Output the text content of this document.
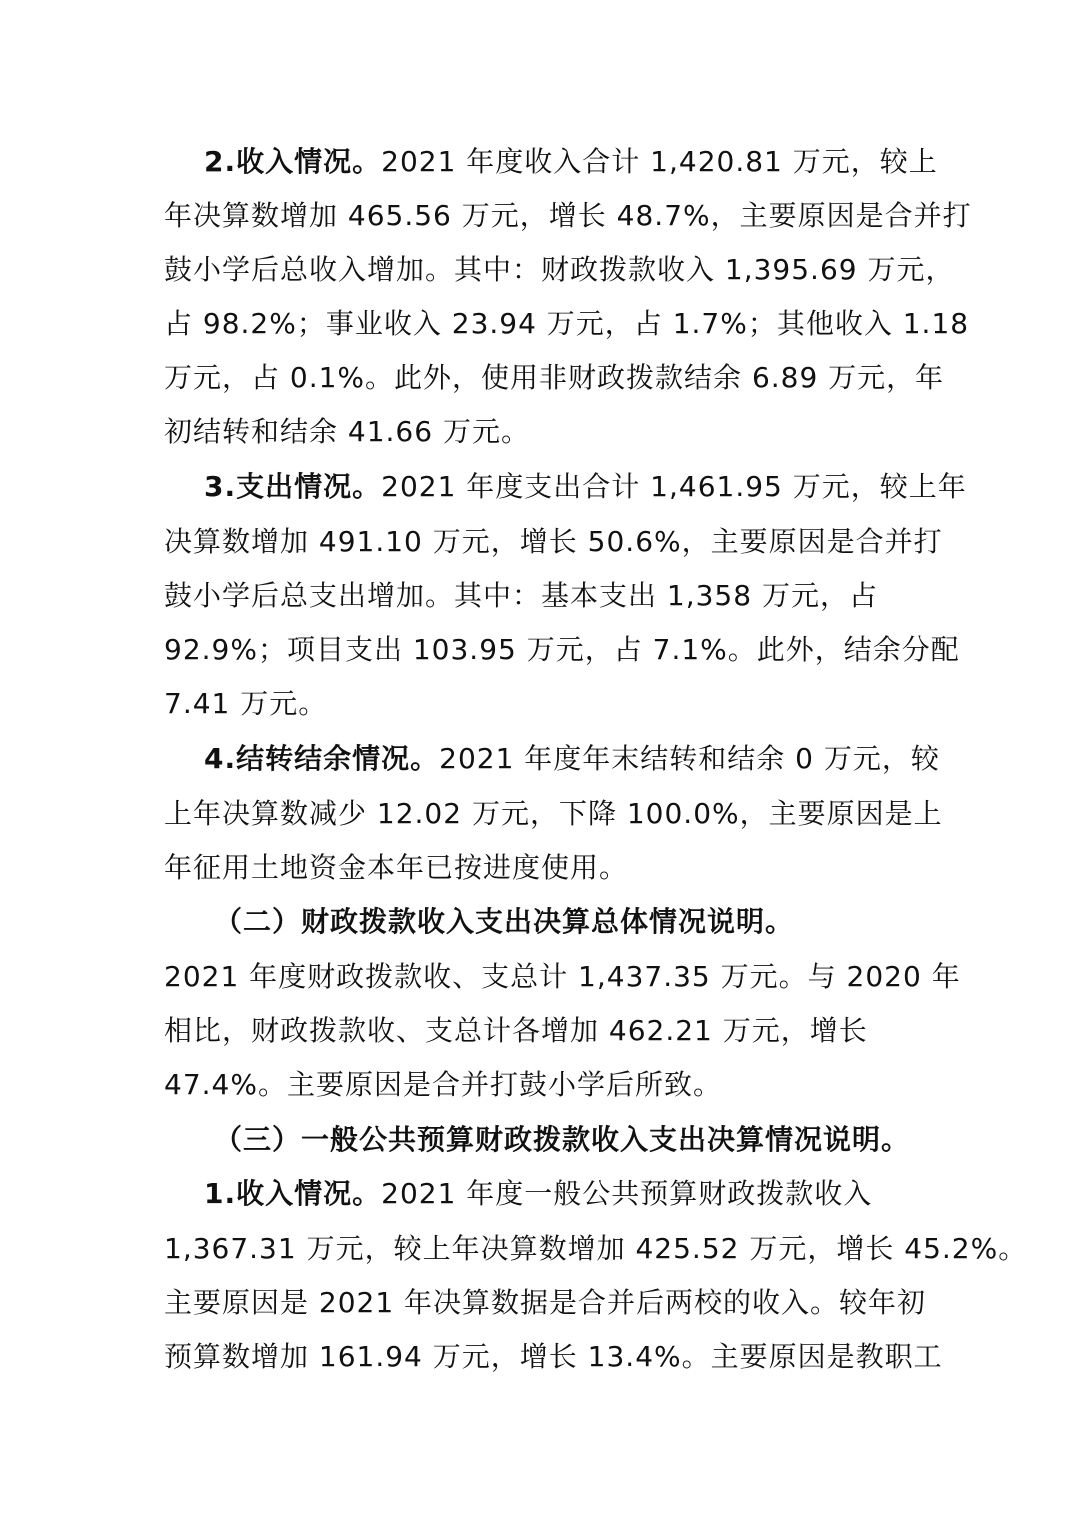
2.收入情况。2021 年度收入合计 1,420.81 万元，较上
年决算数增加 465.56 万元，增长 48.7%，主要原因是合并打
鼓小学后总收入增加。其中：财政拨款收入 1,395.69 万元，
占 98.2%；事业收入 23.94 万元，占 1.7%；其他收入 1.18
万元，占 0.1%。此外，使用非财政拨款结余 6.89 万元，年
初结转和结余 41.66 万元。
3.支出情况。2021 年度支出合计 1,461.95 万元，较上年
决算数增加 491.10 万元，增长 50.6%，主要原因是合并打
鼓小学后总支出增加。其中：基本支出 1,358 万元，占
92.9%；项目支出 103.95 万元，占 7.1%。此外，结余分配
7.41 万元。
4.结转结余情况。2021 年度年末结转和结余 0 万元，较
上年决算数减少 12.02 万元，下降 100.0%，主要原因是上
年征用土地资金本年已按进度使用。
（二）财政拨款收入支出决算总体情况说明。
2021 年度财政拨款收、支总计 1,437.35 万元。与 2020 年
相比，财政拨款收、支总计各增加 462.21 万元，增长
47.4%。主要原因是合并打鼓小学后所致。
（三）一般公共预算财政拨款收入支出决算情况说明。
1.收入情况。2021 年度一般公共预算财政拨款收入
1,367.31 万元，较上年决算数增加 425.52 万元，增长 45.2%。
主要原因是 2021 年决算数据是合并后两校的收入。较年初
预算数增加 161.94 万元，增长 13.4%。主要原因是教职工
